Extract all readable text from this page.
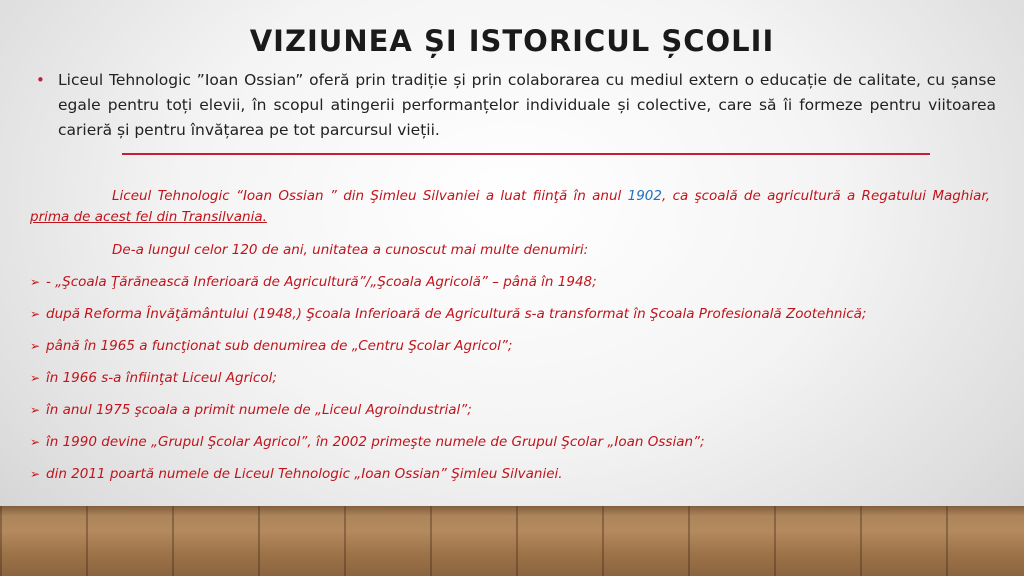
VIZIUNEA ȘI ISTORICUL ȘCOLII
• Liceul Tehnologic ”Ioan Ossian” oferă prin tradiție și prin colaborarea cu mediul extern o educație de calitate, cu șanse egale pentru toți elevii, în scopul atingerii performanțelor individuale și colective, care să îi formeze pentru viitoarea carieră și pentru învățarea pe tot parcursul vieții.

Liceul Tehnologic “Ioan Ossian ” din Şimleu Silvaniei a luat fiinţă în anul 1902, ca şcoală de agricultură a Regatului Maghiar, prima de acest fel din Transilvania.

De-a lungul celor 120 de ani, unitatea a cunoscut mai multe denumiri:

➢ - „Şcoala Ţărănească Inferioară de Agricultură”/„Şcoala Agricolă” – până în 1948;
➢ după Reforma Învăţământului (1948,) Şcoala Inferioară de Agricultură s-a transformat în Şcoala Profesională Zootehnică;
➢ până în 1965 a funcţionat sub denumirea de „Centru Şcolar Agricol”;
➢ în 1966 s-a înfiinţat Liceul Agricol;
➢ în anul 1975 şcoala a primit numele de „Liceul Agroindustrial”;
➢ în 1990 devine „Grupul Şcolar Agricol”, în 2002 primeşte numele de Grupul Şcolar „Ioan Ossian”;
➢ din 2011 poartă numele de Liceul Tehnologic „Ioan Ossian” Şimleu Silvaniei.
